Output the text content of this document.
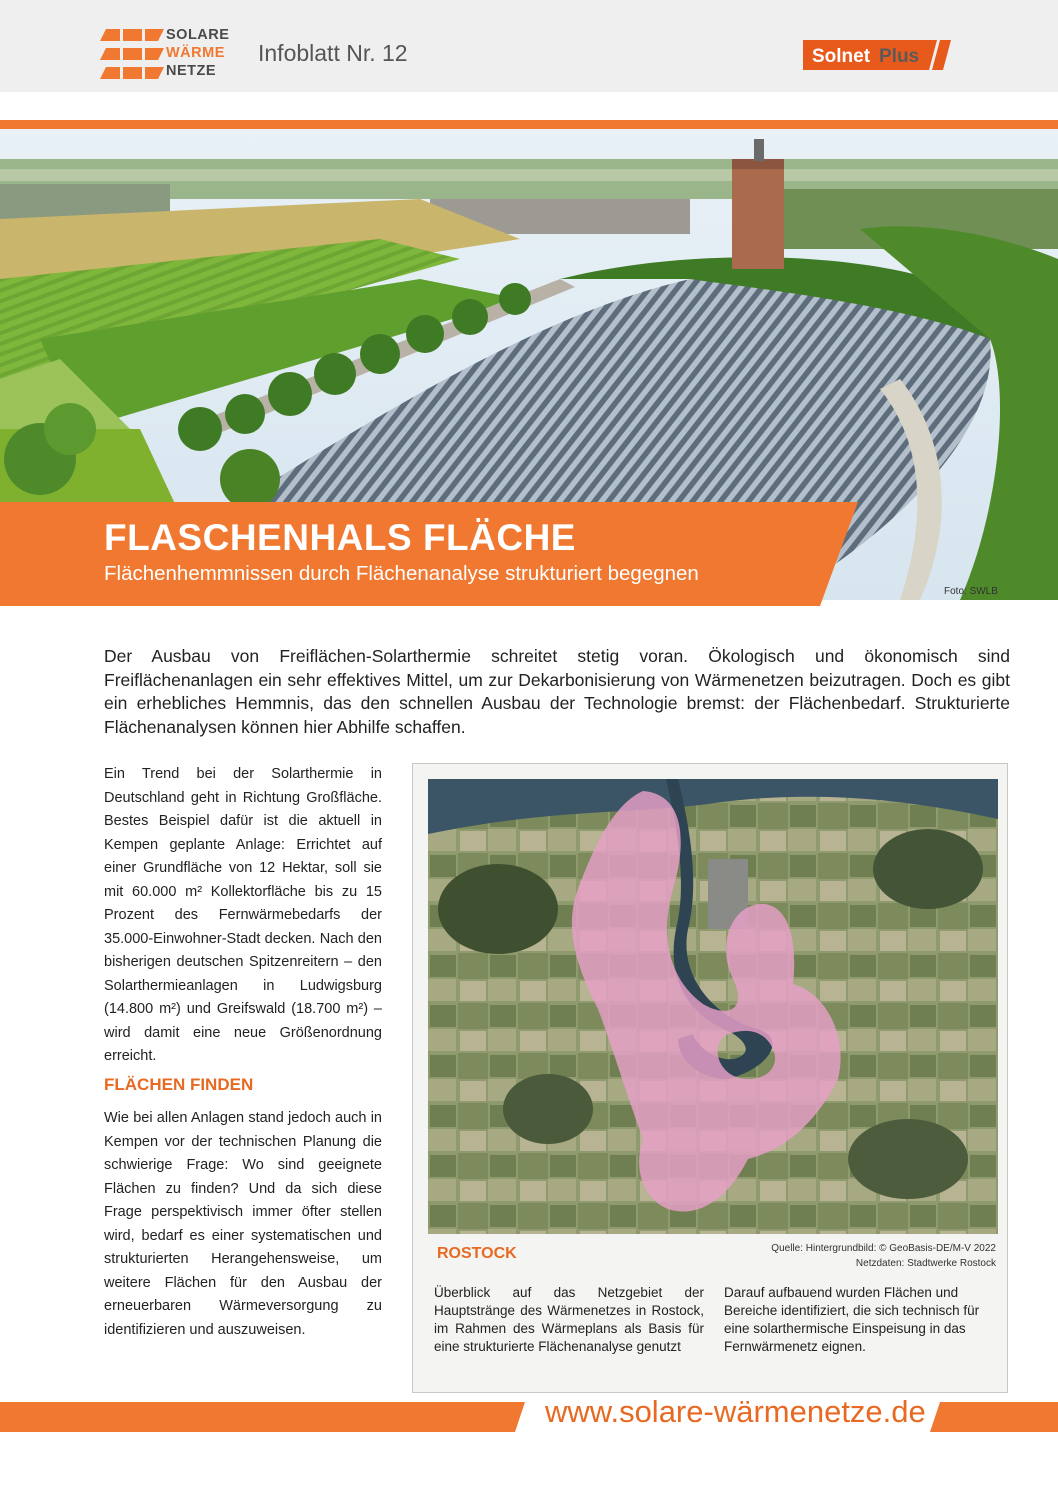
SOLARE
WÄRME
NETZE
Infoblatt Nr. 12	Solnet Plus
FLASCHENHALS FLÄCHE
Flächenhemmnissen durch Flächenanalyse strukturiert begegnen
Foto: SWLB
Der Ausbau von Freiflächen-Solarthermie schreitet stetig voran. Ökologisch und ökonomisch sind Freiflächenanlagen ein sehr effektives Mittel, um zur Dekarbonisierung von Wärmenetzen beizutragen. Doch es gibt ein erhebliches Hemmnis, das den schnellen Ausbau der Technologie bremst: der Flächenbedarf. Strukturierte Flächenanalysen können hier Abhilfe schaffen.
Ein Trend bei der Solarthermie in Deutschland geht in Richtung Großfläche. Bestes Beispiel dafür ist die aktuell in Kempen geplante Anlage: Errichtet auf einer Grundfläche von 12 Hektar, soll sie mit 60.000 m² Kollektorfläche bis zu 15 Prozent des Fernwärmebedarfs der 35.000-Einwohner-Stadt decken. Nach den bisherigen deutschen Spitzenreitern – den Solarthermieanlagen in Ludwigsburg (14.800 m²) und Greifswald (18.700 m²) – wird damit eine neue Größenordnung erreicht.
FLÄCHEN FINDEN
Wie bei allen Anlagen stand jedoch auch in Kempen vor der technischen Planung die schwierige Frage: Wo sind geeignete Flächen zu finden? Und da sich diese Frage perspektivisch immer öfter stellen wird, bedarf es einer systematischen und strukturierten Herangehensweise, um weitere Flächen für den Ausbau der erneuerbaren Wärmeversorgung zu identifizieren und auszuweisen.
ROSTOCK	Quelle: Hintergrundbild: © GeoBasis-DE/M-V 2022
Netzdaten: Stadtwerke Rostock
Überblick auf das Netzgebiet der Hauptstränge des Wärmenetzes in Rostock, im Rahmen des Wärmeplans als Basis für eine strukturierte Flächenanalyse genutzt
Darauf aufbauend wurden Flächen und Bereiche identifiziert, die sich technisch für eine solarthermische Einspeisung in das Fernwärmenetz eignen.
www.solare-wärmenetze.de
